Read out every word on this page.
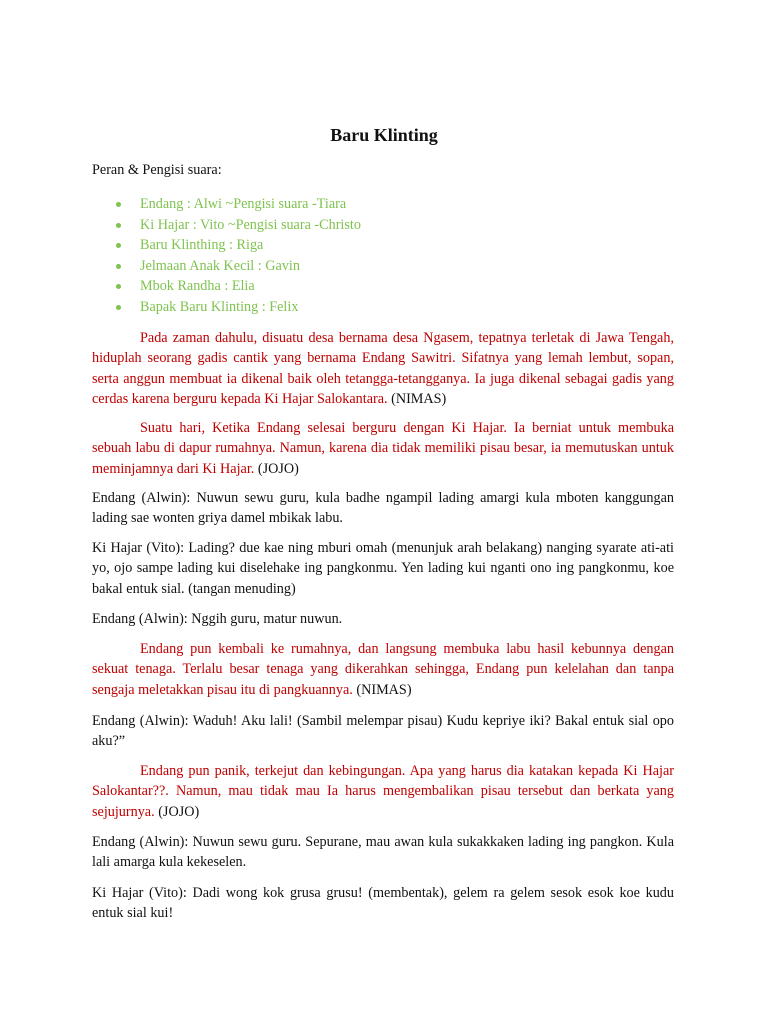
Baru Klinting
Peran & Pengisi suara:
Endang : Alwi ~Pengisi suara -Tiara
Ki Hajar : Vito ~Pengisi suara -Christo
Baru Klinthing : Riga
Jelmaan Anak Kecil : Gavin
Mbok Randha : Elia
Bapak Baru Klinting : Felix
Pada zaman dahulu, disuatu desa bernama desa Ngasem, tepatnya terletak di Jawa Tengah, hiduplah seorang gadis cantik yang bernama Endang Sawitri. Sifatnya yang lemah lembut, sopan, serta anggun membuat ia dikenal baik oleh tetangga-tetangganya. Ia juga dikenal sebagai gadis yang cerdas karena berguru kepada Ki Hajar Salokantara. (NIMAS)
Suatu hari, Ketika Endang selesai berguru dengan Ki Hajar. Ia berniat untuk membuka sebuah labu di dapur rumahnya. Namun, karena dia tidak memiliki pisau besar, ia memutuskan untuk meminjamnya dari Ki Hajar. (JOJO)
Endang (Alwin): Nuwun sewu guru, kula badhe ngampil lading amargi kula mboten kanggungan lading sae wonten griya damel mbikak labu.
Ki Hajar (Vito): Lading? due kae ning mburi omah (menunjuk arah belakang) nanging syarate ati-ati yo, ojo sampe lading kui diselehake ing pangkonmu. Yen lading kui nganti ono ing pangkonmu, koe bakal entuk sial. (tangan menuding)
Endang (Alwin): Nggih guru, matur nuwun.
Endang pun kembali ke rumahnya, dan langsung membuka labu hasil kebunnya dengan sekuat tenaga. Terlalu besar tenaga yang dikerahkan sehingga, Endang pun kelelahan dan tanpa sengaja meletakkan pisau itu di pangkuannya. (NIMAS)
Endang (Alwin): Waduh! Aku lali! (Sambil melempar pisau) Kudu kepriye iki? Bakal entuk sial opo aku?”
Endang pun panik, terkejut dan kebingungan. Apa yang harus dia katakan kepada Ki Hajar Salokantar??. Namun, mau tidak mau Ia harus mengembalikan pisau tersebut dan berkata yang sejujurnya. (JOJO)
Endang (Alwin): Nuwun sewu guru. Sepurane, mau awan kula sukakkaken lading ing pangkon. Kula lali amarga kula kekeselen.
Ki Hajar (Vito): Dadi wong kok grusa grusu! (membentak), gelem ra gelem sesok esok koe kudu entuk sial kui!
